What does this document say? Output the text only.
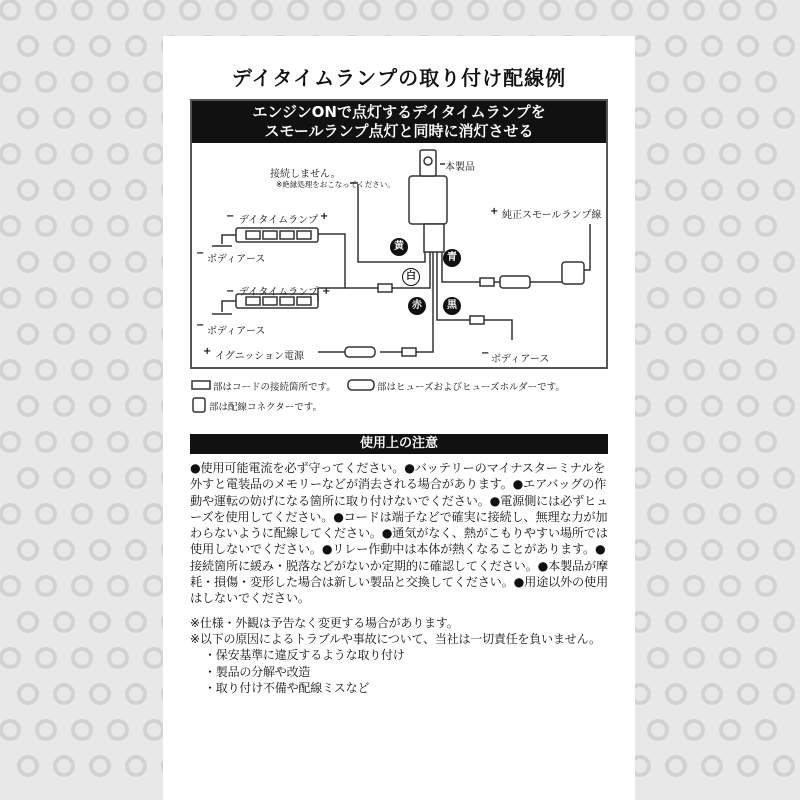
デイタイムランプの取り付け配線例
エンジンONで点灯するデイタイムランプを
スモールランプ点灯と同時に消灯させる
接続しません。
※絶縁処理をおこなってください。
本製品
− デイタイムランプ +
−
ボディアース
− デイタイムランプ +
−
ボディアース
+ イグニッション電源	−
ボディアース
+ 純正スモールランプ線
黄
白
赤	黒
青
部はコードの接続箇所です。	部はヒューズおよびヒューズホルダーです。
部は配線コネクターです。
使用上の注意
●使用可能電流を必ず守ってください。●バッテリーのマイナスターミナルを外すと電装品のメモリーなどが消去される場合があります。●エアバッグの作動や運転の妨げになる箇所に取り付けないでください。●電源側には必ずヒューズを使用してください。●コードは端子などで確実に接続し、無理な力が加わらないように配線してください。●通気がなく、熱がこもりやすい場所では使用しないでください。●リレー作動中は本体が熱くなることがあります。●接続箇所に緩み・脱落などがないか定期的に確認してください。●本製品が摩耗・損傷・変形した場合は新しい製品と交換してください。●用途以外の使用はしないでください。
※仕様・外観は予告なく変更する場合があります。
※以下の原因によるトラブルや事故について、当社は一切責任を負いません。
・保安基準に違反するような取り付け
・製品の分解や改造
・取り付け不備や配線ミスなど
